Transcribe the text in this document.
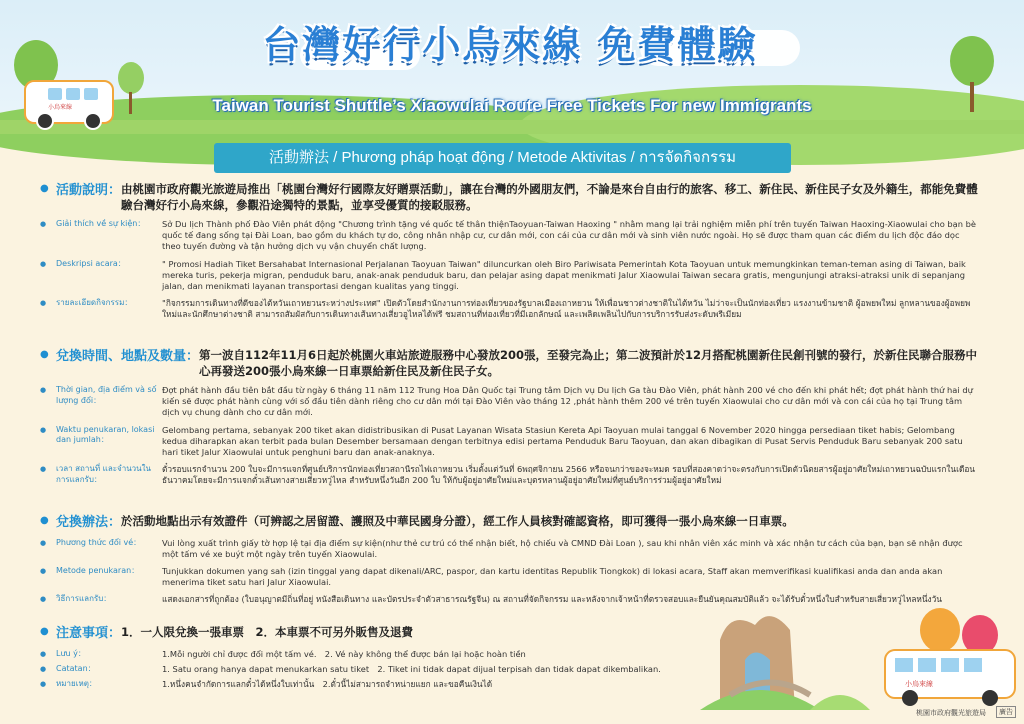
小烏來線
台灣好行小烏來線 免費體驗
Taiwan Tourist Shuttle’s Xiaowulai Route Free Tickets For new Immigrants
活動辦法 / Phương pháp hoạt động / Metode Aktivitas / การจัดกิจกรรม
● 活動說明： 由桃園市政府觀光旅遊局推出「桃園台灣好行國際友好贈票活動」，讓在台灣的外國朋友們，不論是來台自由行的旅客、移工、新住民、新住民子女及外籍生，都能免費體驗台灣好行小烏來線，參觀沿途獨特的景點，並享受優質的接駁服務。
●	Giải thích về sự kiện：	Sở Du lịch Thành phố Đào Viên phát động "Chương trình tặng vé quốc tế thân thiệnTaoyuan-Taiwan Haoxing " nhằm mang lại trải nghiệm miễn phí trên tuyến Taiwan Haoxing-Xiaowulai cho bạn bè quốc tế đang sống tại Đài Loan, bao gồm du khách tự do, công nhân nhập cư, cư dân mới, con cái của cư dân mới và sinh viên nước ngoài. Họ sẽ được tham quan các điểm du lịch độc đáo dọc theo tuyến đường và tận hưởng dịch vụ vận chuyển chất lượng.
●	Deskripsi acara：	" Promosi Hadiah Tiket Bersahabat Internasional Perjalanan Taoyuan Taiwan" diluncurkan oleh Biro Pariwisata Pemerintah Kota Taoyuan untuk memungkinkan teman-teman asing di Taiwan, baik mereka turis, pekerja migran, penduduk baru, anak-anak penduduk baru, dan pelajar asing dapat menikmati Jalur Xiaowulai Taiwan secara gratis, mengunjungi atraksi-atraksi unik di sepanjang jalan, dan menikmati layanan transportasi dengan kualitas yang tinggi.
●	รายละเอียดกิจกรรม：	"กิจกรรมการเดินทางที่ดีของไต้หวันเถาหยวนระหว่างประเทศ" เปิดตัวโดยสำนักงานการท่องเที่ยวของรัฐบาลเมืองเถาหยวน ให้เพื่อนชาวต่างชาติในไต้หวัน ไม่ว่าจะเป็นนักท่องเที่ยว แรงงานข้ามชาติ ผู้อพยพใหม่ ลูกหลานของผู้อพยพใหม่และนักศึกษาต่างชาติ สามารถสัมผัสกับการเดินทางเส้นทางเสี่ยวอูไหลได้ฟรี ชมสถานที่ท่องเที่ยวที่มีเอกลักษณ์ และเพลิดเพลินไปกับการบริการรับส่งระดับพรีเมียม
● 兌換時間、地點及數量： 第一波自112年11月6日起於桃園火車站旅遊服務中心發放200張，至發完為止；第二波預計於12月搭配桃園新住民創刊號的發行，於新住民聯合服務中心再發送200張小烏來線一日車票給新住民及新住民子女。
●	Thời gian, địa điểm và số lượng đổi：
Đợt phát hành đầu tiên bắt đầu từ ngày 6 tháng 11 năm 112 Trung Hoa Dân Quốc tại Trung tâm Dịch vụ Du lịch Ga tàu Đào Viên, phát hành 200 vé cho đến khi phát hết; đợt phát hành thứ hai dự kiến sẽ được phát hành cùng với số đầu tiên dành riêng cho cư dân mới tại Đào Viên vào tháng 12 ,phát hành thêm 200 vé trên tuyến Xiaowulai cho cư dân mới và con cái của họ tại Trung tâm dịch vụ chung dành cho cư dân mới.
●	Waktu penukaran, lokasi dan jumlah：
Gelombang pertama, sebanyak 200 tiket akan didistribusikan di Pusat Layanan Wisata Stasiun Kereta Api Taoyuan mulai tanggal 6 November 2020 hingga persediaan tiket habis; Gelombang kedua diharapkan akan terbit pada bulan Desember bersamaan dengan terbitnya edisi pertama Penduduk Baru Taoyuan, dan akan dibagikan di Pusat Servis Penduduk Baru sebanyak 200 satu hari tiket Jalur Xiaowulai untuk penghuni baru dan anak-anaknya.
●	เวลา สถานที่ และจำนวนในการแลกรับ：
ตั๋วรอบแรกจำนวน 200 ใบจะมีการแจกที่ศูนย์บริการนักท่องเที่ยวสถานีรถไฟเถาหยวน เริ่มตั้งแต่วันที่ 6พฤศจิกายน 2566 หรือจนกว่าของจะหมด รอบที่สองคาดว่าจะตรงกับการเปิดตัวนิตยสารผู้อยู่อาศัยใหม่เถาหยวนฉบับแรกในเดือนธันวาคมโดยจะมีการแจกตั๋วเส้นทางสายเสี่ยวหวู่ไหล สำหรับหนึ่งวันอีก 200 ใบ ให้กับผู้อยู่อาศัยใหม่และบุตรหลานผู้อยู่อาศัยใหม่ที่ศูนย์บริการร่วมผู้อยู่อาศัยใหม่
● 兌換辦法： 於活動地點出示有效證件（可辨認之居留證、護照及中華民國身分證），經工作人員核對確認資格，即可獲得一張小烏來線一日車票。
●	Phương thức đổi vé：	Vui lòng xuất trình giấy tờ hợp lệ tại địa điểm sự kiện(như thẻ cư trú có thể nhận biết, hộ chiếu và CMND Đài Loan ), sau khi nhân viên xác minh và xác nhận tư cách của bạn, bạn sẽ nhận được một tấm vé xe buýt một ngày trên tuyến Xiaowulai.
●	Metode penukaran：	Tunjukkan dokumen yang sah (izin tinggal yang dapat dikenali/ARC, paspor, dan kartu identitas Republik Tiongkok) di lokasi acara, Staff akan memverifikasi kualifikasi anda dan anda akan menerima tiket satu hari Jalur Xiaowulai.
●	วิธีการแลกรับ：	แสดงเอกสารที่ถูกต้อง (ใบอนุญาตมีถิ่นที่อยู่ หนังสือเดินทาง และบัตรประจำตัวสาธารณรัฐจีน) ณ สถานที่จัดกิจกรรม และหลังจากเจ้าหน้าที่ตรวจสอบและยืนยันคุณสมบัติแล้ว จะได้รับตั๋วหนึ่งใบสำหรับสายเสี่ยวหวู่ไหลหนึ่งวัน
● 注意事項： 1．一人限兌換一張車票　2．本車票不可另外販售及退費
●	Lưu ý：	1.Mỗi người chỉ được đổi một tấm vé.　2. Vé này không thể được bán lại hoặc hoàn tiền
●	Catatan：	1. Satu orang hanya dapat menukarkan satu tiket　2. Tiket ini tidak dapat dijual terpisah dan tidak dapat dikembalikan.
●	หมายเหตุ：	1.หนึ่งคนจำกัดการแลกตั๋วได้หนึ่งใบเท่านั้น　2.ตั๋วนี้ไม่สามารถจำหน่ายแยก และขอคืนเงินได้	小烏來線
桃園市政府觀光旅遊局	廣告
